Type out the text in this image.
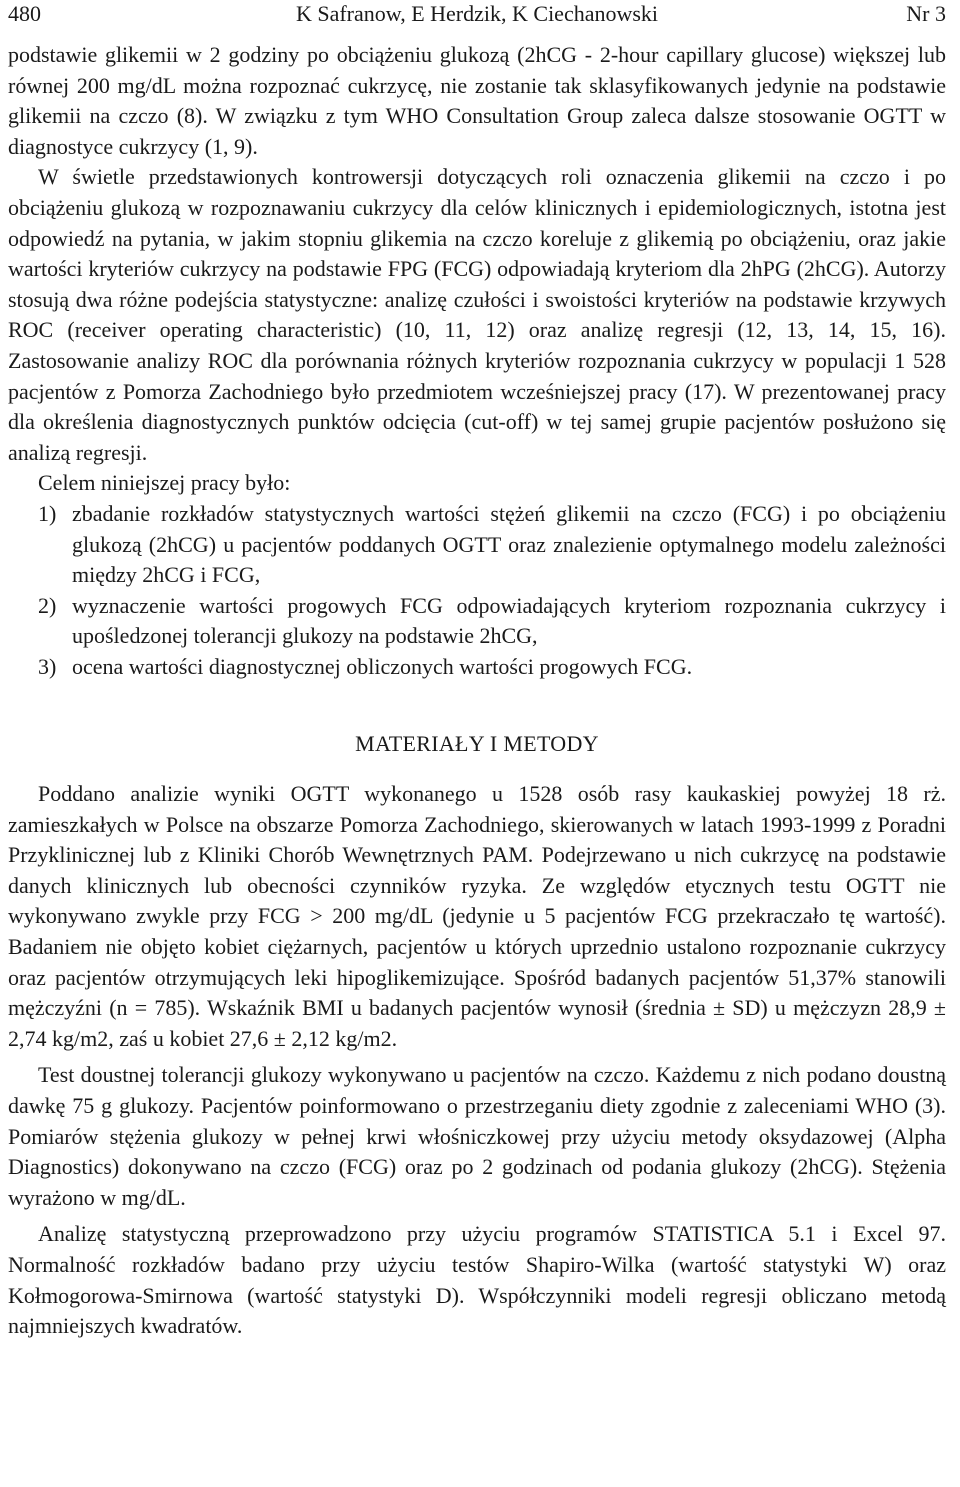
480	K Safranow, E Herdzik, K Ciechanowski	Nr 3

podstawie glikemii w 2 godziny po obciążeniu glukozą (2hCG - 2-hour capillary glucose) większej lub równej 200 mg/dL można rozpoznać cukrzycę, nie zostanie tak sklasyfikowanych jedynie na podstawie glikemii na czczo (8). W związku z tym WHO Consultation Group zaleca dalsze stosowanie OGTT w diagnostyce cukrzycy (1, 9).

W świetle przedstawionych kontrowersji dotyczących roli oznaczenia glikemii na czczo i po obciążeniu glukozą w rozpoznawaniu cukrzycy dla celów klinicznych i epidemiologicznych, istotna jest odpowiedź na pytania, w jakim stopniu glikemia na czczo koreluje z glikemią po obciążeniu, oraz jakie wartości kryteriów cukrzycy na podstawie FPG (FCG) odpowiadają kryteriom dla 2hPG (2hCG). Autorzy stosują dwa różne podejścia statystyczne: analizę czułości i swoistości kryteriów na podstawie krzywych ROC (receiver operating characteristic) (10, 11, 12) oraz analizę regresji (12, 13, 14, 15, 16). Zastosowanie analizy ROC dla porównania różnych kryteriów rozpoznania cukrzycy w populacji 1 528 pacjentów z Pomorza Zachodniego było przedmiotem wcześniejszej pracy (17). W prezentowanej pracy dla określenia diagnostycznych punktów odcięcia (cut-off) w tej samej grupie pacjentów posłużono się analizą regresji.

Celem niniejszej pracy było:

1) zbadanie rozkładów statystycznych wartości stężeń glikemii na czczo (FCG) i po obciążeniu glukozą (2hCG) u pacjentów poddanych OGTT oraz znalezienie optymalnego modelu zależności między 2hCG i FCG,
2) wyznaczenie wartości progowych FCG odpowiadających kryteriom rozpoznania cukrzycy i upośledzonej tolerancji glukozy na podstawie 2hCG,
3) ocena wartości diagnostycznej obliczonych wartości progowych FCG.
MATERIAŁY I METODY

Poddano analizie wyniki OGTT wykonanego u 1528 osób rasy kaukaskiej powyżej 18 rż. zamieszkałych w Polsce na obszarze Pomorza Zachodniego, skierowanych w latach 1993-1999 z Poradni Przyklinicznej lub z Kliniki Chorób Wewnętrznych PAM. Podejrzewano u nich cukrzycę na podstawie danych klinicznych lub obecności czynników ryzyka. Ze względów etycznych testu OGTT nie wykonywano zwykle przy FCG > 200 mg/dL (jedynie u 5 pacjentów FCG przekraczało tę wartość). Badaniem nie objęto kobiet ciężarnych, pacjentów u których uprzednio ustalono rozpoznanie cukrzycy oraz pacjentów otrzymujących leki hipoglikemizujące. Spośród badanych pacjentów 51,37% stanowili mężczyźni (n = 785). Wskaźnik BMI u badanych pacjentów wynosił (średnia ± SD) u mężczyzn 28,9 ± 2,74 kg/m2, zaś u kobiet 27,6 ± 2,12 kg/m2.

Test doustnej tolerancji glukozy wykonywano u pacjentów na czczo. Każdemu z nich podano doustną dawkę 75 g glukozy. Pacjentów poinformowano o przestrzeganiu diety zgodnie z zaleceniami WHO (3). Pomiarów stężenia glukozy w pełnej krwi włośniczkowej przy użyciu metody oksydazowej (Alpha Diagnostics) dokonywano na czczo (FCG) oraz po 2 godzinach od podania glukozy (2hCG). Stężenia wyrażono w mg/dL.

Analizę statystyczną przeprowadzono przy użyciu programów STATISTICA 5.1 i Excel 97. Normalność rozkładów badano przy użyciu testów Shapiro-Wilka (wartość statystyki W) oraz Kołmogorowa-Smirnowa (wartość statystyki D). Współczynniki modeli regresji obliczano metodą najmniejszych kwadratów.
